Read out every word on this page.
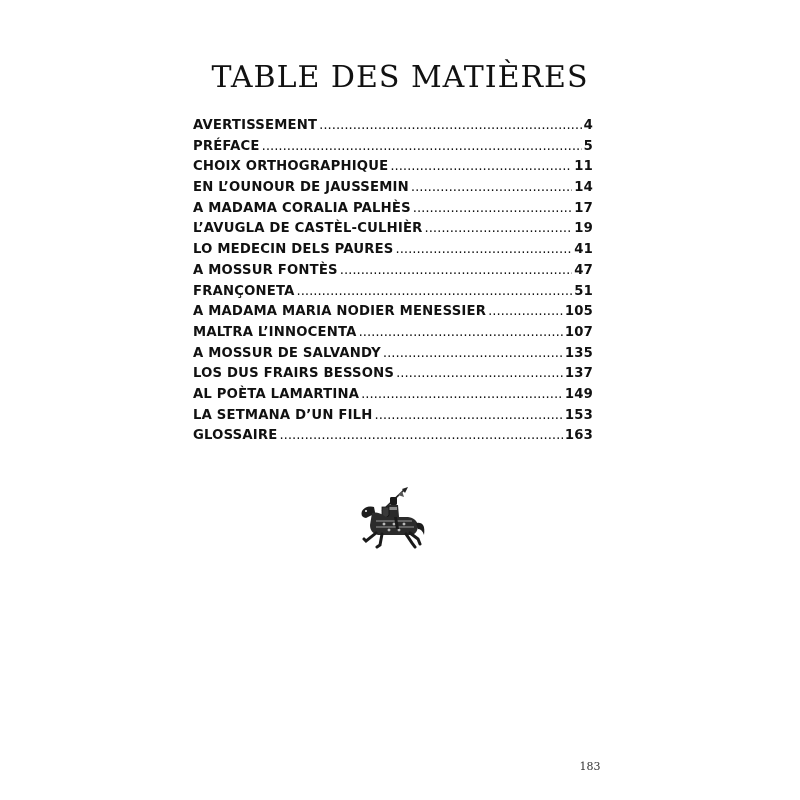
TABLE DES MATIÈRES
AVERTISSEMENT .....	4
PRÉFACE .....	5
CHOIX ORTHOGRAPHIQUE .....	11
EN L’OUNOUR DE JAUSSEMIN .....	14
A MADAMA CORALIA PALHÈS .....	17
L’AVUGLA DE CASTÈL-CULHIÈR .....	19
LO MEDECIN DELS PAURES .....	41
A MOSSUR FONTÈS .....	47
FRANÇONETA .....	51
A MADAMA MARIA NODIER MENESSIER .....	105
MALTRA L’INNOCENTA .....	107
A MOSSUR DE SALVANDY .....	135
LOS DUS FRAIRS BESSONS .....	137
AL POÈTA LAMARTINA .....	149
LA SETMANA D’UN FILH .....	153
GLOSSAIRE .....	163
183
